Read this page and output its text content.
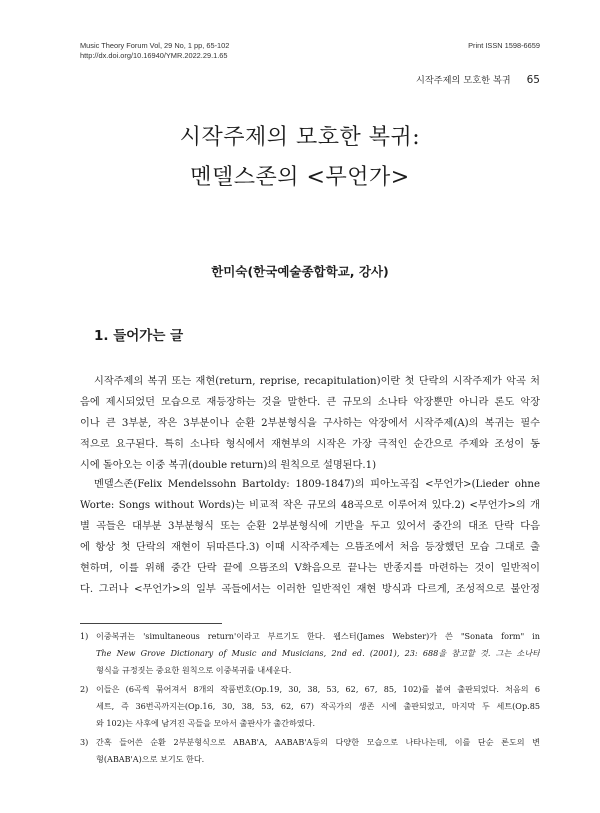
Music Theory Forum Vol, 29 No, 1 pp, 65-102
http://dx.doi.org/10.16940/YMR.2022.29.1.65
Print ISSN 1598-6659
시작주제의 모호한 복귀 65
시작주제의 모호한 복귀:
멘델스존의 <무언가>
한미숙(한국예술종합학교, 강사)
1. 들어가는 글
시작주제의 복귀 또는 재현(return, reprise, recapitulation)이란 첫 단락의 시작주제가 악곡 처
음에 제시되었던 모습으로 재등장하는 것을 말한다. 큰 규모의 소나타 악장뿐만 아니라 론도 악장
이나 큰 3부분, 작은 3부분이나 순환 2부분형식을 구사하는 악장에서 시작주제(A)의 복귀는 필수
적으로 요구된다. 특히 소나타 형식에서 재현부의 시작은 가장 극적인 순간으로 주제와 조성이 동
시에 돌아오는 이중 복귀(double return)의 원칙으로 설명된다.1)
멘델스존(Felix Mendelssohn Bartoldy: 1809-1847)의 피아노곡집 <무언가>(Lieder ohne
Worte: Songs without Words)는 비교적 작은 규모의 48곡으로 이루어져 있다.2) <무언가>의 개
별 곡들은 대부분 3부분형식 또는 순환 2부분형식에 기반을 두고 있어서 중간의 대조 단락 다음
에 항상 첫 단락의 재현이 뒤따른다.3) 이때 시작주제는 으뜸조에서 처음 등장했던 모습 그대로 출
현하며, 이를 위해 중간 단락 끝에 으뜸조의 V화음으로 끝나는 반종지를 마련하는 것이 일반적이
다. 그러나 <무언가>의 일부 곡들에서는 이러한 일반적인 재현 방식과 다르게, 조성적으로 불안정
1) 이중복귀는 'simultaneous return'이라고 부르기도 한다. 웹스터(James Webster)가 쓴 "Sonata form" in
The New Grove Dictionary of Music and Musicians, 2nd ed. (2001), 23: 688을 참고할 것. 그는 소나타
형식을 규정짓는 중요한 원칙으로 이중복귀를 내세운다.
2) 이들은 (6곡씩 묶어져서 8개의 작품번호(Op.19, 30, 38, 53, 62, 67, 85, 102)를 붙여 출판되었다. 처음의 6
세트, 즉 36번곡까지는(Op.16, 30, 38, 53, 62, 67) 작곡가의 생존 시에 출판되었고, 마지막 두 세트(Op.85
와 102)는 사후에 남겨진 곡들을 모아서 출판사가 출간하였다.
3) 간혹 들어쓴 순환 2부분형식으로 ABAB'A, AABAB'A등의 다양한 모습으로 나타나는데, 이를 단순 론도의 변
형(ABAB'A)으로 보기도 한다.
